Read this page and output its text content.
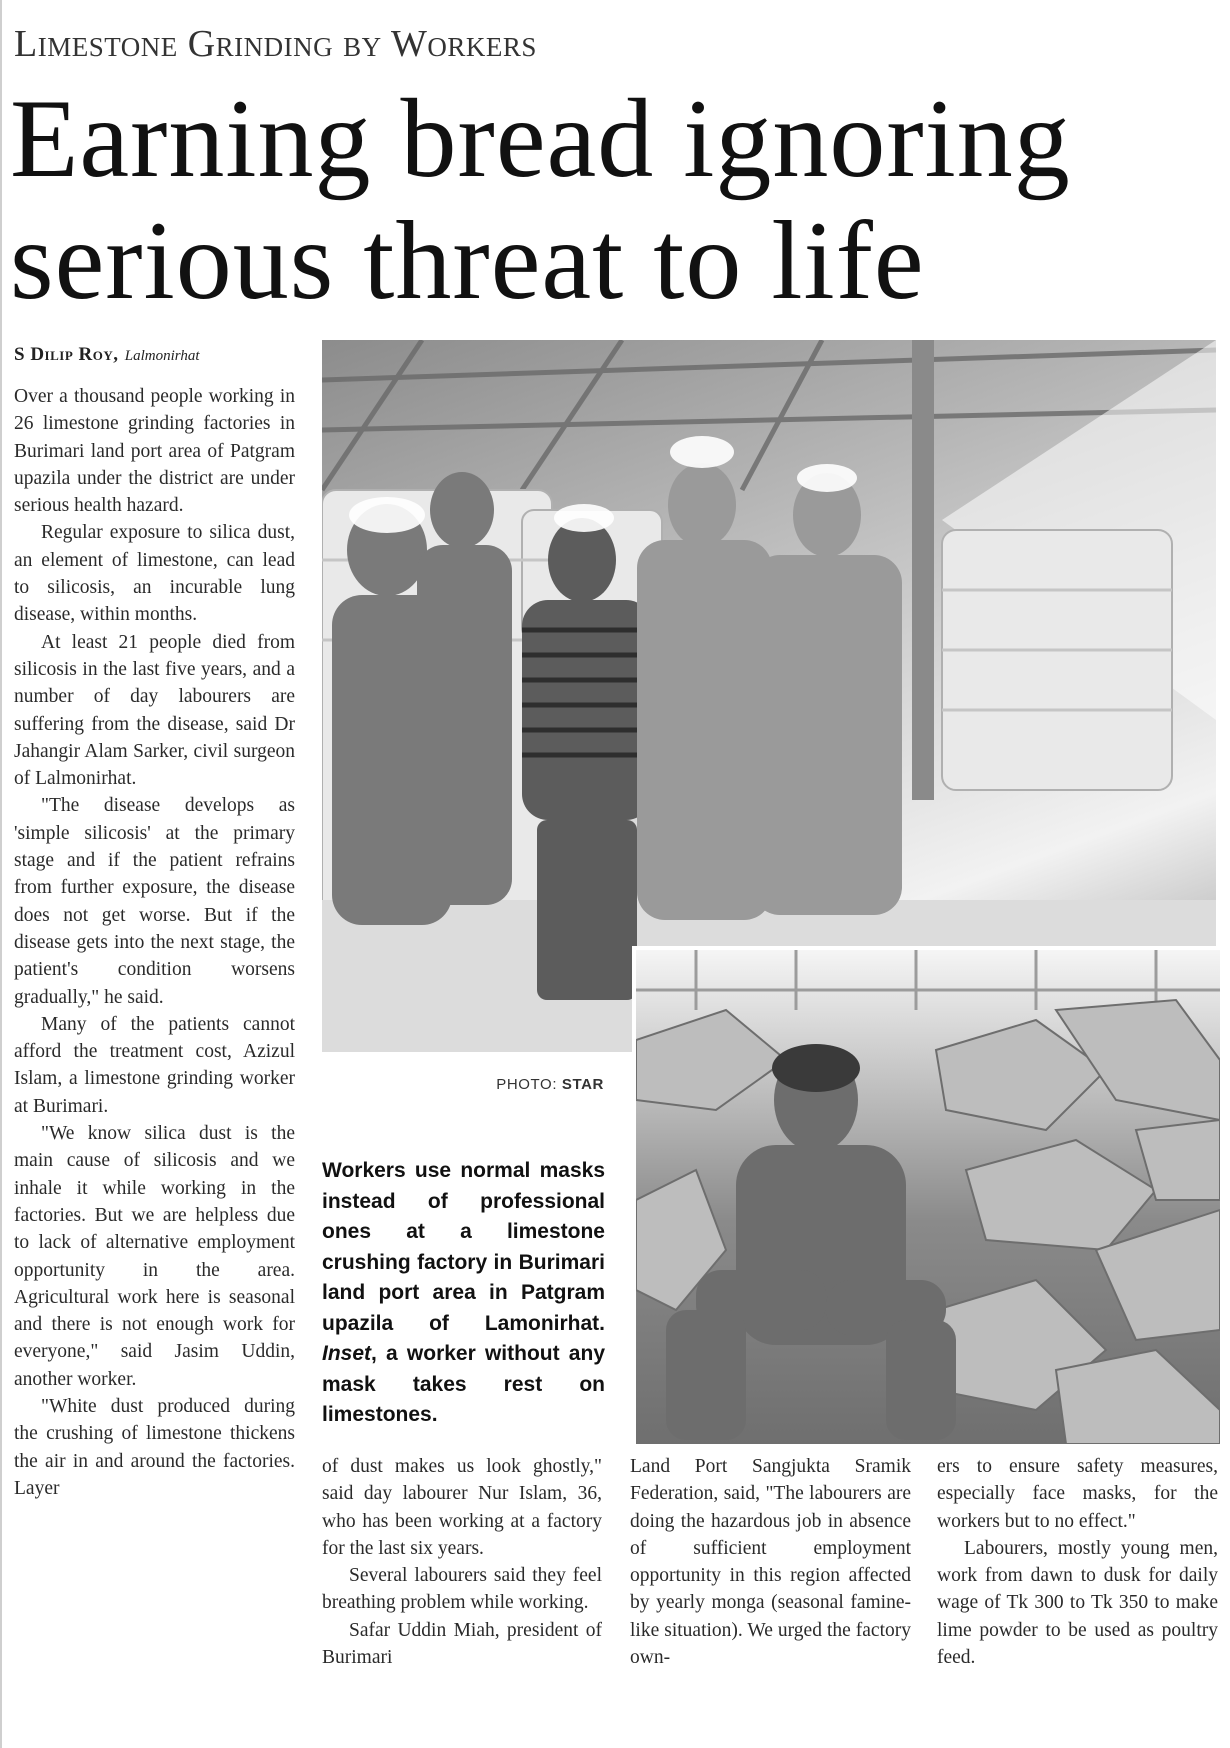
Limestone Grinding by Workers
Earning bread ignoring
serious threat to life
S Dilip Roy, Lalmonirhat

Over a thousand people working in 26 limestone grinding factories in Burimari land port area of Patgram upazila under the district are under serious health hazard.

Regular exposure to silica dust, an element of limestone, can lead to silicosis, an incurable lung disease, within months.

At least 21 people died from silicosis in the last five years, and a number of day labourers are suffering from the disease, said Dr Jahangir Alam Sarker, civil surgeon of Lalmonirhat.

"The disease develops as 'simple silicosis' at the primary stage and if the patient refrains from further exposure, the disease does not get worse. But if the disease gets into the next stage, the patient's condition worsens gradually," he said.

Many of the patients cannot afford the treatment cost, Azizul Islam, a limestone grinding worker at Burimari.

"We know silica dust is the main cause of silicosis and we inhale it while working in the factories. But we are helpless due to lack of alternative employment opportunity in the area. Agricultural work here is seasonal and there is not enough work for everyone," said Jasim Uddin, another worker.

"White dust produced during the crushing of limestone thickens the air in and around the factories. Layer

PHOTO: STAR
Workers use normal masks instead of professional ones at a limestone crushing factory in Burimari land port area in Patgram upazila of Lamonirhat. Inset, a worker without any mask takes rest on limestones.

of dust makes us look ghostly," said day labourer Nur Islam, 36, who has been working at a factory for the last six years.

Several labourers said they feel breathing problem while working.

Safar Uddin Miah, president of Burimari

Land Port Sangjukta Sramik Federation, said, "The labourers are doing the hazardous job in absence of sufficient employment opportunity in this region affected by yearly monga (seasonal famine-like situation). We urged the factory own-

ers to ensure safety measures, especially face masks, for the workers but to no effect."

Labourers, mostly young men, work from dawn to dusk for daily wage of Tk 300 to Tk 350 to make lime powder to be used as poultry feed.
